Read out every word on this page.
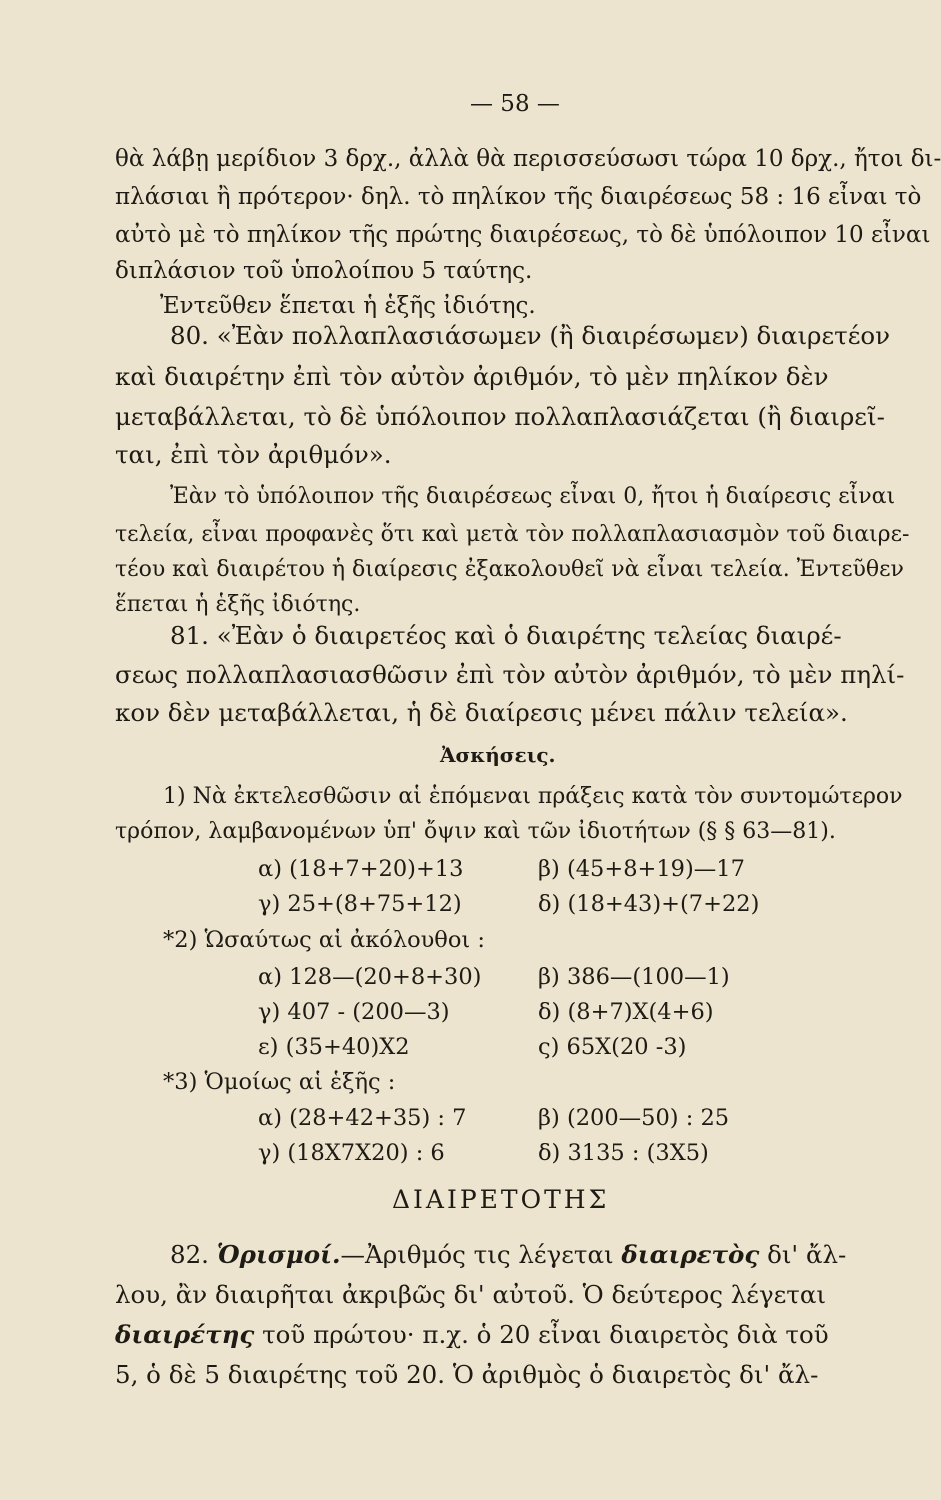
— 58 —
θὰ λάβῃ μερίδιον 3 δρχ., ἀλλὰ θὰ περισσεύσωσι τώρα 10 δρχ., ἤτοι δι-
πλάσιαι ἢ πρότερον· δηλ. τὸ πηλίκον τῆς διαιρέσεως 58 : 16 εἶναι τὸ
αὐτὸ μὲ τὸ πηλίκον τῆς πρώτης διαιρέσεως, τὸ δὲ ὑπόλοιπον 10 εἶναι
διπλάσιον τοῦ ὑπολοίπου 5 ταύτης.
Ἐντεῦθεν ἕπεται ἡ ἑξῆς ἰδιότης.
80. «Ἐὰν πολλαπλασιάσωμεν (ἢ διαιρέσωμεν) διαιρετέον
καὶ διαιρέτην ἐπὶ τὸν αὐτὸν ἀριθμόν, τὸ μὲν πηλίκον δὲν
μεταβάλλεται, τὸ δὲ ὑπόλοιπον πολλαπλασιάζεται (ἢ διαιρεῖ-
ται, ἐπὶ τὸν ἀριθμόν».
Ἐὰν τὸ ὑπόλοιπον τῆς διαιρέσεως εἶναι 0, ἤτοι ἡ διαίρεσις εἶναι
τελεία, εἶναι προφανὲς ὅτι καὶ μετὰ τὸν πολλαπλασιασμὸν τοῦ διαιρε-
τέου καὶ διαιρέτου ἡ διαίρεσις ἐξακολουθεῖ νὰ εἶναι τελεία. Ἐντεῦθεν
ἕπεται ἡ ἑξῆς ἰδιότης.
81. «Ἐὰν ὁ διαιρετέος καὶ ὁ διαιρέτης τελείας διαιρέ-
σεως πολλαπλασιασθῶσιν ἐπὶ τὸν αὐτὸν ἀριθμόν, τὸ μὲν πηλί-
κον δὲν μεταβάλλεται, ἡ δὲ διαίρεσις μένει πάλιν τελεία».
Ἀσκήσεις.
1) Νὰ ἐκτελεσθῶσιν αἱ ἑπόμεναι πράξεις κατὰ τὸν συντομώτερον
τρόπον, λαμβανομένων ὑπ' ὄψιν καὶ τῶν ἰδιοτήτων (§ § 63—81).
α) (18+7+20)+13	β) (45+8+19)—17
γ) 25+(8+75+12)	δ) (18+43)+(7+22)
*2) Ὡσαύτως αἱ ἀκόλουθοι :
α) 128—(20+8+30)	β) 386—(100—1)
γ) 407 - (200—3)	δ) (8+7)X(4+6)
ε) (35+40)X2	ς) 65X(20 -3)
*3) Ὁμοίως αἱ ἑξῆς :
α) (28+42+35) : 7	β) (200—50) : 25
γ) (18X7X20) : 6	δ) 3135 : (3X5)
ΔΙΑΙΡΕΤΟΤΗΣ
82. Ὁρισμοί.—Ἀριθμός τις λέγεται διαιρετὸς δι' ἄλ-
λου, ἂν διαιρῆται ἀκριβῶς δι' αὐτοῦ. Ὁ δεύτερος λέγεται
διαιρέτης τοῦ πρώτου· π.χ. ὁ 20 εἶναι διαιρετὸς διὰ τοῦ
5, ὁ δὲ 5 διαιρέτης τοῦ 20. Ὁ ἀριθμὸς ὁ διαιρετὸς δι' ἄλ-
